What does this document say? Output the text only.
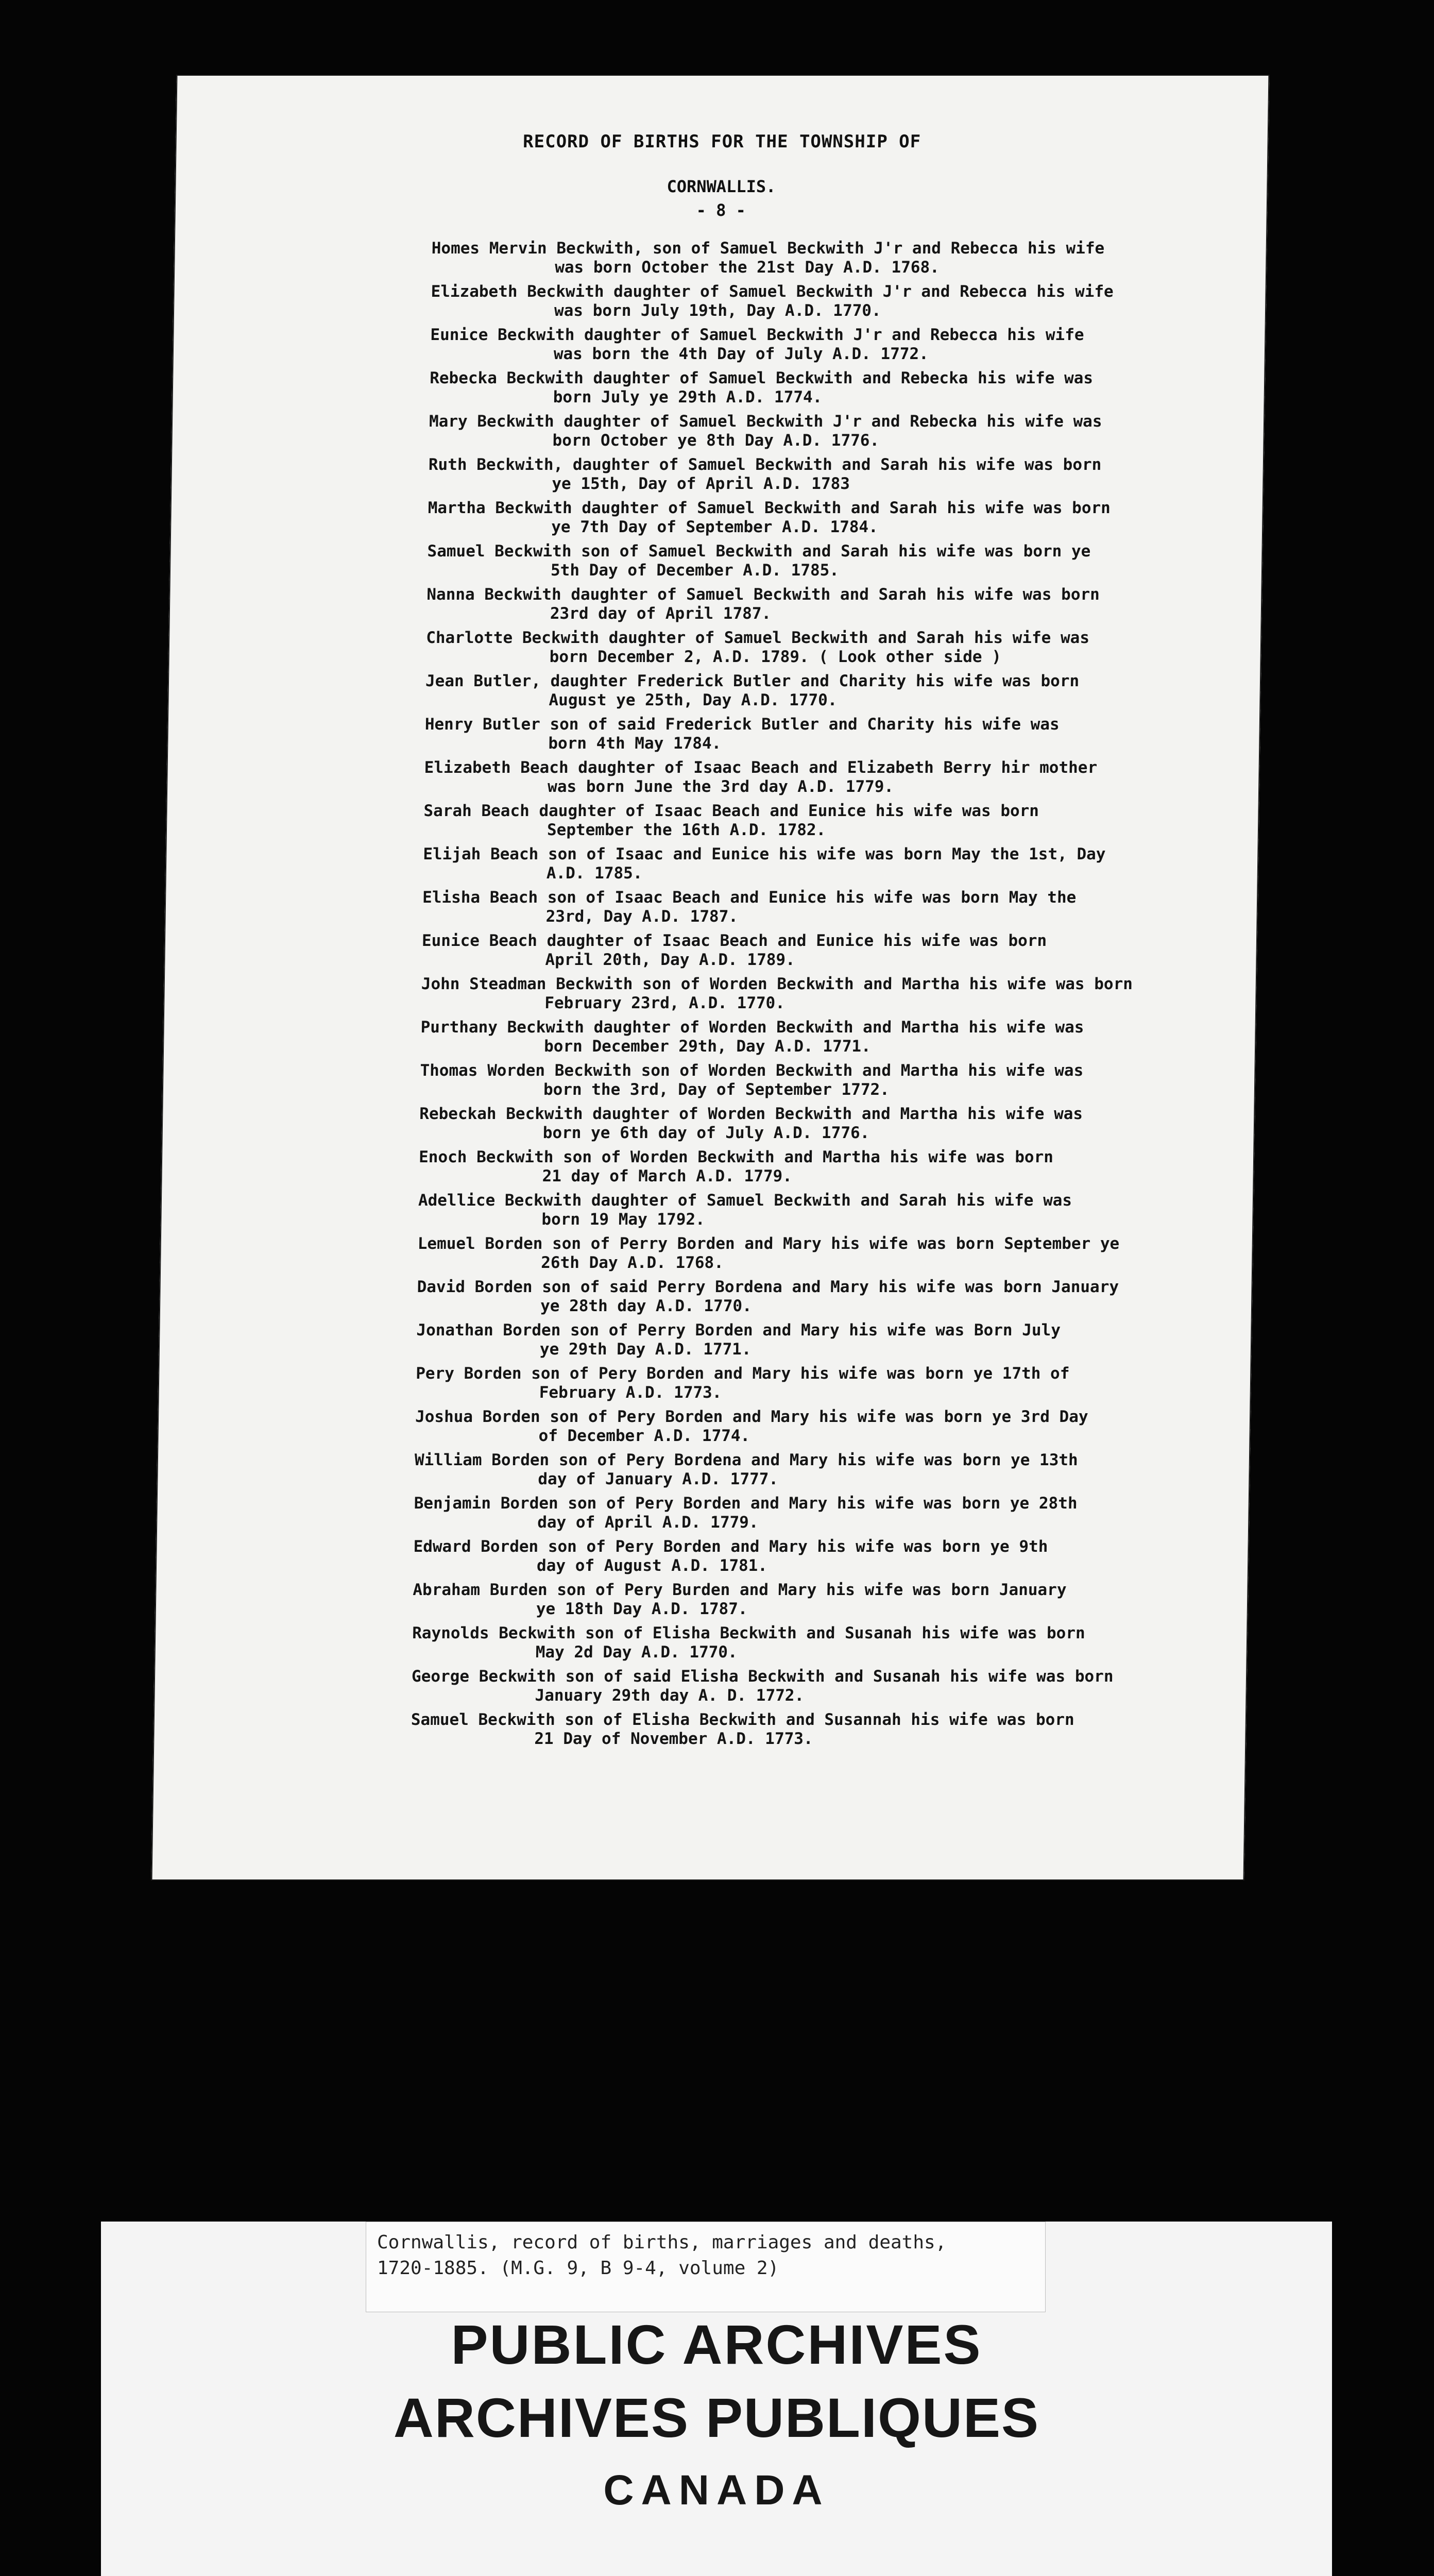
RECORD OF BIRTHS FOR THE TOWNSHIP OF
CORNWALLIS.
- 8 -
Homes Mervin Beckwith, son of Samuel Beckwith J'r and Rebecca his wife
was born October the 21st Day A.D. 1768.
Elizabeth Beckwith daughter of Samuel Beckwith J'r and Rebecca his wife
was born July 19th, Day A.D. 1770.
Eunice Beckwith daughter of Samuel Beckwith J'r and Rebecca his wife
was born the 4th Day of July A.D. 1772.
Rebecka Beckwith daughter of Samuel Beckwith and Rebecka his wife was
born July ye 29th A.D. 1774.
Mary Beckwith daughter of Samuel Beckwith J'r and Rebecka his wife was
born October ye 8th Day A.D. 1776.
Ruth Beckwith, daughter of Samuel Beckwith and Sarah his wife was born
ye 15th, Day of April A.D. 1783
Martha Beckwith daughter of Samuel Beckwith and Sarah his wife was born
ye 7th Day of September A.D. 1784.
Samuel Beckwith son of Samuel Beckwith and Sarah his wife was born ye
5th Day of December A.D. 1785.
Nanna Beckwith daughter of Samuel Beckwith and Sarah his wife was born
23rd day of April 1787.
Charlotte Beckwith daughter of Samuel Beckwith and Sarah his wife was
born December 2, A.D. 1789. ( Look other side )
Jean Butler, daughter Frederick Butler and Charity his wife was born
August ye 25th, Day A.D. 1770.
Henry Butler son of said Frederick Butler and Charity his wife was
born 4th May 1784.
Elizabeth Beach daughter of Isaac Beach and Elizabeth Berry hir mother
was born June the 3rd day A.D. 1779.
Sarah Beach daughter of Isaac Beach and Eunice his wife was born
September the 16th A.D. 1782.
Elijah Beach son of Isaac and Eunice his wife was born May the 1st, Day
A.D. 1785.
Elisha Beach son of Isaac Beach and Eunice his wife was born May the
23rd, Day A.D. 1787.
Eunice Beach daughter of Isaac Beach and Eunice his wife was born
April 20th, Day A.D. 1789.
John Steadman Beckwith son of Worden Beckwith and Martha his wife was born
February 23rd, A.D. 1770.
Purthany Beckwith daughter of Worden Beckwith and Martha his wife was
born December 29th, Day A.D. 1771.
Thomas Worden Beckwith son of Worden Beckwith and Martha his wife was
born the 3rd, Day of September 1772.
Rebeckah Beckwith daughter of Worden Beckwith and Martha his wife was
born ye 6th day of July A.D. 1776.
Enoch Beckwith son of Worden Beckwith and Martha his wife was born
21 day of March A.D. 1779.
Adellice Beckwith daughter of Samuel Beckwith and Sarah his wife was
born 19 May 1792.
Lemuel Borden son of Perry Borden and Mary his wife was born September ye
26th Day A.D. 1768.
David Borden son of said Perry Bordena and Mary his wife was born January
ye 28th day A.D. 1770.
Jonathan Borden son of Perry Borden and Mary his wife was Born July
ye 29th Day A.D. 1771.
Pery Borden son of Pery Borden and Mary his wife was born ye 17th of
February A.D. 1773.
Joshua Borden son of Pery Borden and Mary his wife was born ye 3rd Day
of December A.D. 1774.
William Borden son of Pery Bordena and Mary his wife was born ye 13th
day of January A.D. 1777.
Benjamin Borden son of Pery Borden and Mary his wife was born ye 28th
day of April A.D. 1779.
Edward Borden son of Pery Borden and Mary his wife was born ye 9th
day of August A.D. 1781.
Abraham Burden son of Pery Burden and Mary his wife was born January
ye 18th Day A.D. 1787.
Raynolds Beckwith son of Elisha Beckwith and Susanah his wife was born
May 2d Day A.D. 1770.
George Beckwith son of said Elisha Beckwith and Susanah his wife was born
January 29th day A. D. 1772.
Samuel Beckwith son of Elisha Beckwith and Susannah his wife was born
21 Day of November A.D. 1773.
Cornwallis, record of births, marriages and deaths,
1720-1885. (M.G. 9, B 9-4, volume 2)
PUBLIC ARCHIVES
ARCHIVES PUBLIQUES
CANADA
